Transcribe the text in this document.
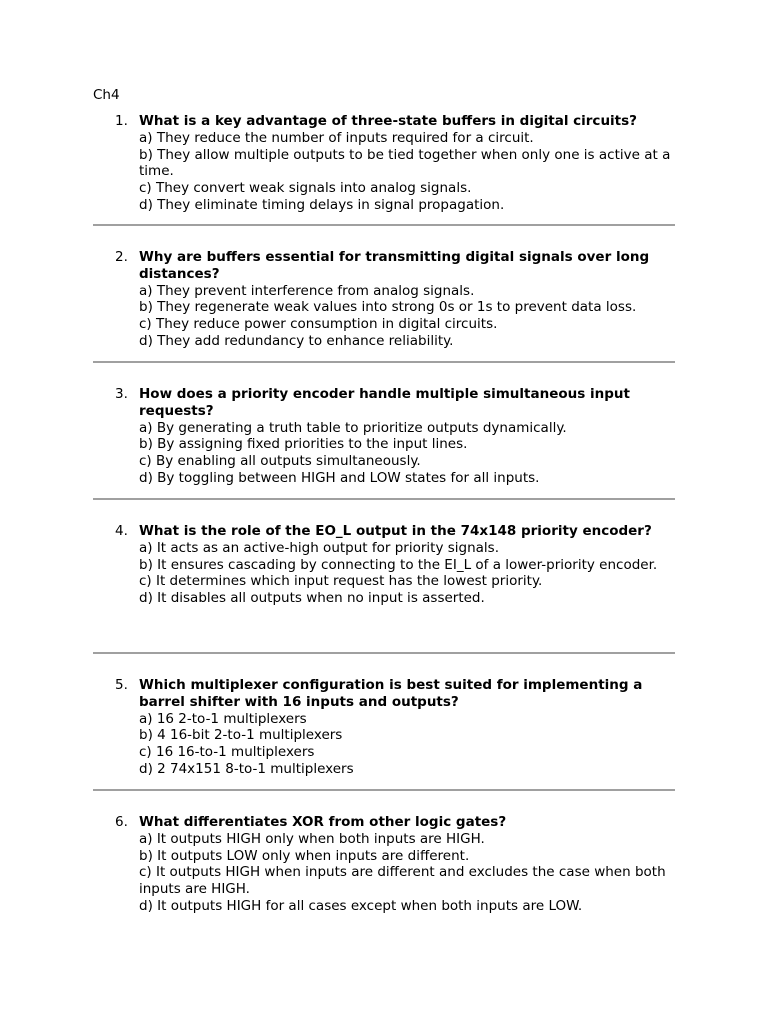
Ch4
1. What is a key advantage of three-state buffers in digital circuits?
a) They reduce the number of inputs required for a circuit.
b) They allow multiple outputs to be tied together when only one is active at a time.
c) They convert weak signals into analog signals.
d) They eliminate timing delays in signal propagation.
2. Why are buffers essential for transmitting digital signals over long distances?
a) They prevent interference from analog signals.
b) They regenerate weak values into strong 0s or 1s to prevent data loss.
c) They reduce power consumption in digital circuits.
d) They add redundancy to enhance reliability.
3. How does a priority encoder handle multiple simultaneous input requests?
a) By generating a truth table to prioritize outputs dynamically.
b) By assigning fixed priorities to the input lines.
c) By enabling all outputs simultaneously.
d) By toggling between HIGH and LOW states for all inputs.
4. What is the role of the EO_L output in the 74x148 priority encoder?
a) It acts as an active-high output for priority signals.
b) It ensures cascading by connecting to the EI_L of a lower-priority encoder.
c) It determines which input request has the lowest priority.
d) It disables all outputs when no input is asserted.
5. Which multiplexer configuration is best suited for implementing a barrel shifter with 16 inputs and outputs?
a) 16 2-to-1 multiplexers
b) 4 16-bit 2-to-1 multiplexers
c) 16 16-to-1 multiplexers
d) 2 74x151 8-to-1 multiplexers
6. What differentiates XOR from other logic gates?
a) It outputs HIGH only when both inputs are HIGH.
b) It outputs LOW only when inputs are different.
c) It outputs HIGH when inputs are different and excludes the case when both inputs are HIGH.
d) It outputs HIGH for all cases except when both inputs are LOW.
